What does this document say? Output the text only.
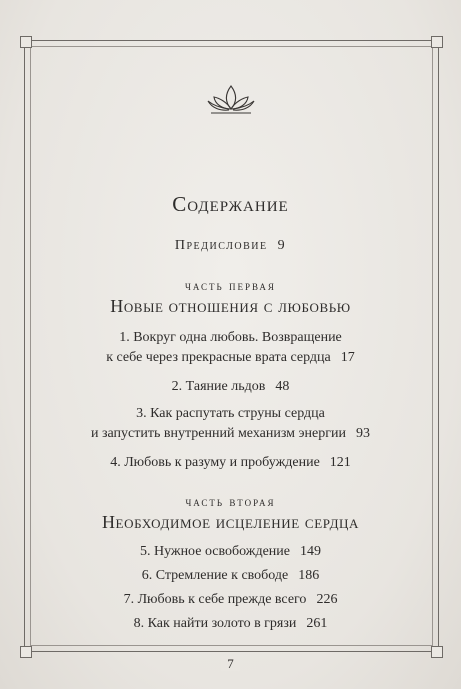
Содержание
Предисловие 9
часть первая
Новые отношения с любовью
1. Вокруг одна любовь. Возвращение
к себе через прекрасные врата сердца 17
2. Таяние льдов 48
3. Как распутать струны сердца
и запустить внутренний механизм энергии 93
4. Любовь к разуму и пробуждение 121
часть вторая
Необходимое исцеление сердца
5. Нужное освобождение 149
6. Стремление к свободе 186
7. Любовь к себе прежде всего 226
8. Как найти золото в грязи 261
7
